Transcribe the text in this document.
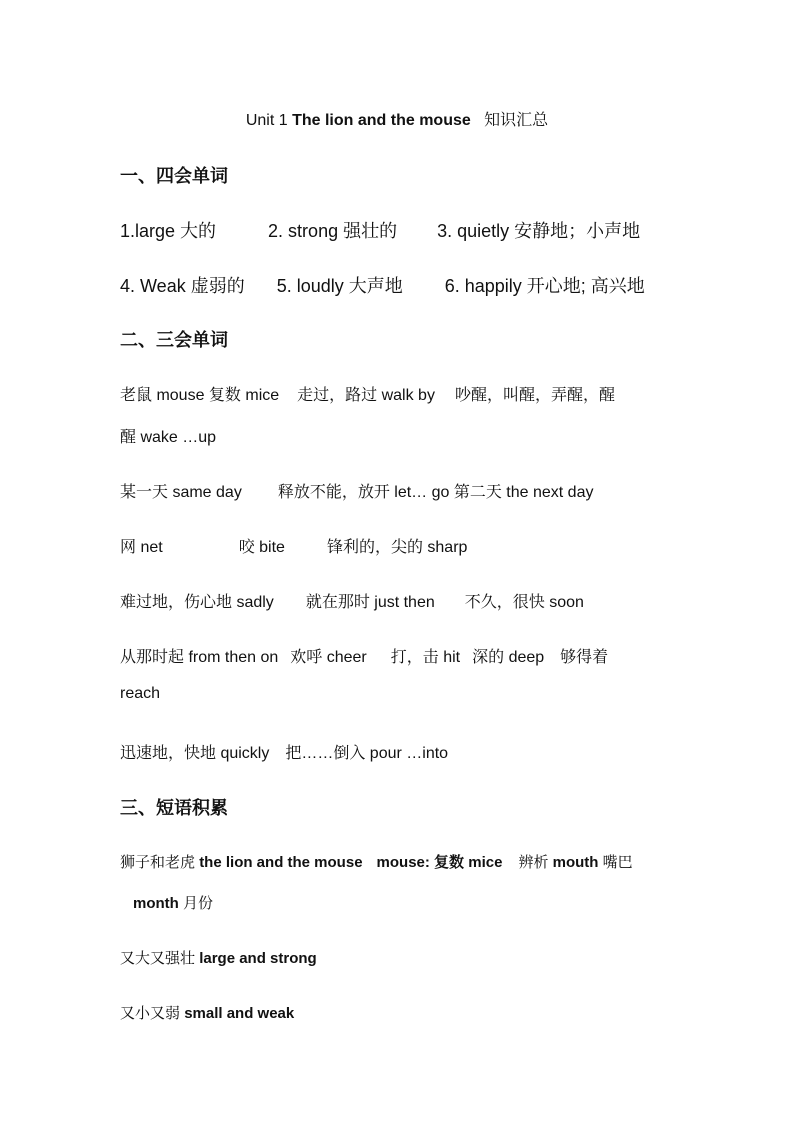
Unit 1 The lion and the mouse 知识汇总
一、四会单词
1.large 大的	2. strong 强壮的 3. quietly 安静地；小声地
4. Weak 虚弱的 5. loudly 大声地 6. happily 开心地; 高兴地
二、三会单词
老鼠 mouse 复数 mice 走过，路过 walk by 吵醒，叫醒，弄醒，醒
醒 wake …up
某一天 same day 释放不能，放开 let… go 第二天 the next day
网 net	咬 bite	锋利的，尖的 sharp
难过地，伤心地 sadly 就在那时 just then 不久，很快 soon
从那时起 from then on 欢呼 cheer 打，击 hit 深的 deep 够得着
reach
迅速地，快地 quickly 把……倒入 pour …into
三、短语积累
狮子和老虎 the lion and the mouse mouse: 复数 mice 辨析 mouth 嘴巴
month 月份
又大又强壮 large and strong
又小又弱 small and weak
